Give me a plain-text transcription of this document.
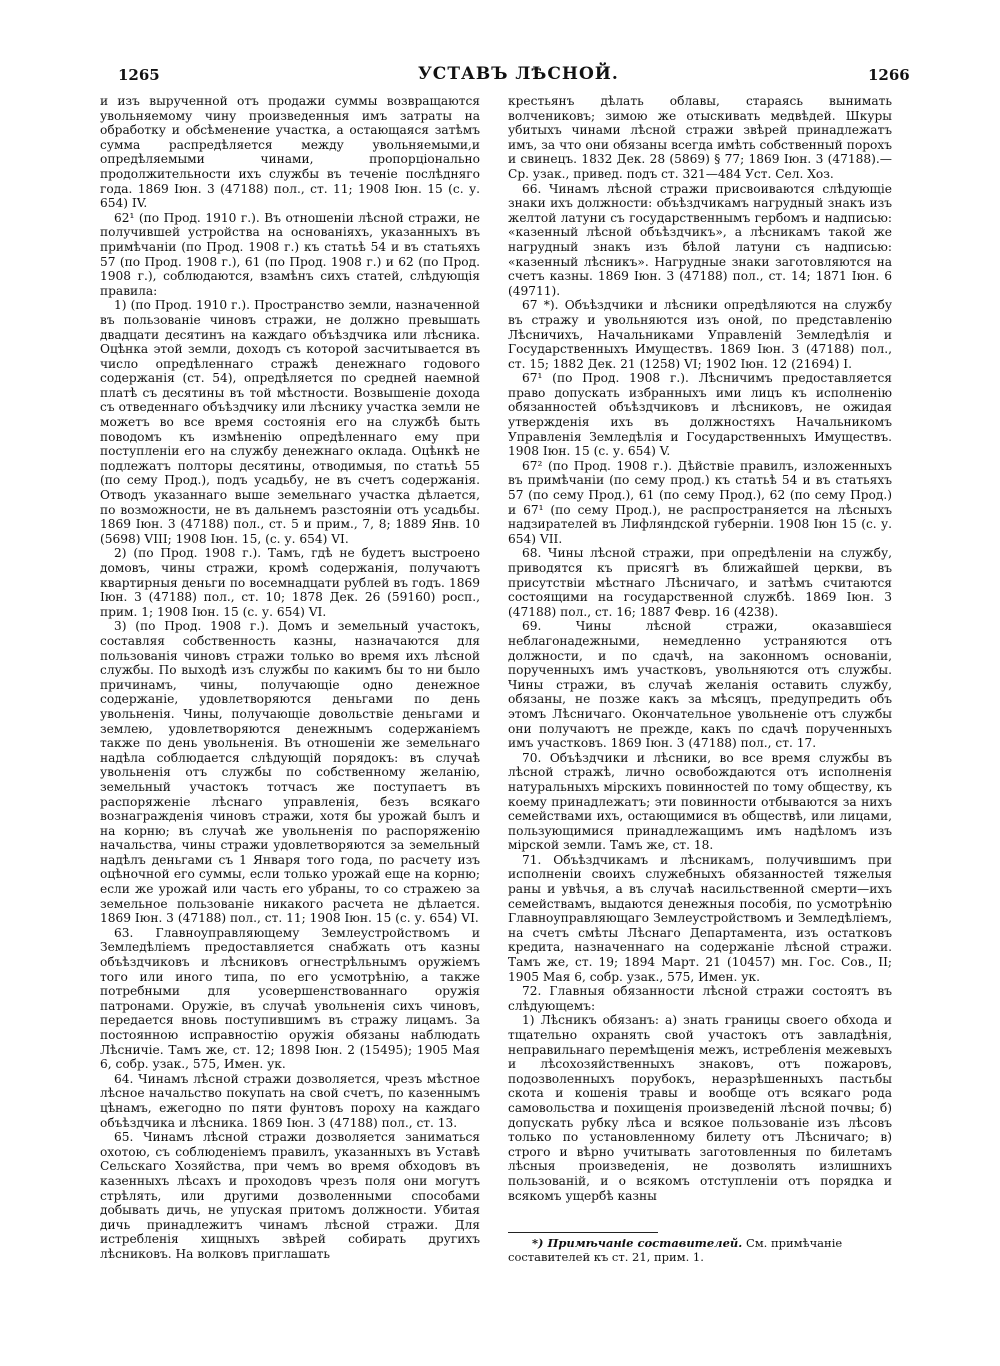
1265	УСТАВЪ ЛѢСНОЙ.	1266

и изъ вырученной отъ продажи суммы возвращаются увольняемому чину произведенныя имъ затраты на обработку и обсѣменение участка, а остающаяся затѣмъ сумма распредѣляется между увольняемыми,и опредѣляемыми чинами, пропорціонально продолжительности ихъ службы въ теченіе послѣдняго года. 1869 Іюн. 3 (47188) пол., ст. 11; 1908 Іюн. 15 (с. у. 654) IV.

62¹ (по Прод. 1910 г.). Въ отношеніи лѣсной стражи, не получившей устройства на основаніяхъ, указанныхъ въ примѣчаніи (по Прод. 1908 г.) къ статьѣ 54 и въ статьяхъ 57 (по Прод. 1908 г.), 61 (по Прод. 1908 г.) и 62 (по Прод. 1908 г.), соблюдаются, взамѣнъ сихъ статей, слѣдующія правила:

1) (по Прод. 1910 г.). Пространство земли, назначенной въ пользованіе чиновъ стражи, не должно превышать двадцати десятинъ на каждаго объѣздчика или лѣсника. Оцѣнка этой земли, доходъ съ которой засчитывается въ число опредѣленнаго стражѣ денежнаго годового содержанія (ст. 54), опредѣляется по средней наемной платѣ съ десятины въ той мѣстности. Возвышеніе дохода съ отведеннаго объѣздчику или лѣснику участка земли не можетъ во все время состоянія его на службѣ быть поводомъ къ измѣненію опредѣленнаго ему при поступленіи его на службу денежнаго оклада. Оцѣнкѣ не подлежатъ полторы десятины, отводимыя, по статьѣ 55 (по сему Прод.), подъ усадьбу, не въ счетъ содержанія. Отводъ указаннаго выше земельнаго участка дѣлается, по возможности, не въ дальнемъ разстояніи отъ усадьбы. 1869 Іюн. 3 (47188) пол., ст. 5 и прим., 7, 8; 1889 Янв. 10 (5698) VIII; 1908 Іюн. 15, (с. у. 654) VI.

2) (по Прод. 1908 г.). Тамъ, гдѣ не будетъ выстроено домовъ, чины стражи, кромѣ содержанія, получаютъ квартирныя деньги по восемнадцати рублей въ годъ. 1869 Іюн. 3 (47188) пол., ст. 10; 1878 Дек. 26 (59160) росп., прим. 1; 1908 Іюн. 15 (с. у. 654) VI.

3) (по Прод. 1908 г.). Домъ и земельный участокъ, составляя собственность казны, назначаются для пользованія чиновъ стражи только во время ихъ лѣсной службы. По выходѣ изъ службы по какимъ бы то ни было причинамъ, чины, получающіе одно денежное содержаніе, удовлетворяются деньгами по день увольненія. Чины, получающіе довольствіе деньгами и землею, удовлетворяются денежнымъ содержаніемъ также по день увольненія. Въ отношеніи же земельнаго надѣла соблюдается слѣдующій порядокъ: въ случаѣ увольненія отъ службы по собственному желанію, земельный участокъ тотчасъ же поступаетъ въ распоряженіе лѣснаго управленія, безъ всякаго вознагражденія чиновъ стражи, хотя бы урожай былъ и на корню; въ случаѣ же увольненія по распоряженію начальства, чины стражи удовлетворяются за земельный надѣлъ деньгами съ 1 Января того года, по расчету изъ оцѣночной его суммы, если только урожай еще на корню; если же урожай или часть его убраны, то со стражею за земельное пользованіе никакого расчета не дѣлается. 1869 Іюн. 3 (47188) пол., ст. 11; 1908 Іюн. 15 (с. у. 654) VI.

63. Главноуправляющему Землеустройствомъ и Земледѣліемъ предоставляется снабжать отъ казны объѣздчиковъ и лѣсниковъ огнестрѣльнымъ оружіемъ того или иного типа, по его усмотрѣнію, а также потребными для усовершенствованнаго оружія патронами. Оружіе, въ случаѣ увольненія сихъ чиновъ, передается вновь поступившимъ въ стражу лицамъ. За постоянною исправностію оружія обязаны наблюдать Лѣсничіе. Тамъ же, ст. 12; 1898 Іюн. 2 (15495); 1905 Мая 6, собр. узак., 575, Имен. ук.

64. Чинамъ лѣсной стражи дозволяется, чрезъ мѣстное лѣсное начальство покупать на свой счетъ, по казеннымъ цѣнамъ, ежегодно по пяти фунтовъ пороху на каждаго объѣздчика и лѣсника. 1869 Іюн. 3 (47188) пол., ст. 13.

65. Чинамъ лѣсной стражи дозволяется заниматься охотою, съ соблюденіемъ правилъ, указанныхъ въ Уставѣ Сельскаго Хозяйства, при чемъ во время обходовъ въ казенныхъ лѣсахъ и проходовъ чрезъ поля они могутъ стрѣлять, или другими дозволенными способами добывать дичь, не упуская притомъ должности. Убитая дичь принадлежитъ чинамъ лѣсной стражи. Для истребленія хищныхъ звѣрей собирать другихъ лѣсниковъ. На волковъ приглашать

крестьянъ дѣлать облавы, стараясь вынимать волчениковъ; зимою же отыскивать медвѣдей. Шкуры убитыхъ чинами лѣсной стражи звѣрей принадлежатъ имъ, за что они обязаны всегда имѣть собственный порохъ и свинецъ. 1832 Дек. 28 (5869) § 77; 1869 Іюн. 3 (47188).—Ср. узак., привед. подъ ст. 321—484 Уст. Сел. Хоз.

66. Чинамъ лѣсной стражи присвоиваются слѣдующіе знаки ихъ должности: объѣздчикамъ нагрудный знакъ изъ желтой латуни съ государственнымъ гербомъ и надписью: «казенный лѣсной объѣздчикъ», а лѣсникамъ такой же нагрудный знакъ изъ бѣлой латуни съ надписью: «казенный лѣсникъ». Нагрудные знаки заготовляются на счетъ казны. 1869 Іюн. 3 (47188) пол., ст. 14; 1871 Іюн. 6 (49711).

67 *). Объѣздчики и лѣсники опредѣляются на службу въ стражу и увольняются изъ оной, по представленію Лѣсничихъ, Начальниками Управленій Земледѣлія и Государственныхъ Имуществъ. 1869 Іюн. 3 (47188) пол., ст. 15; 1882 Дек. 21 (1258) VI; 1902 Іюн. 12 (21694) I.

67¹ (по Прод. 1908 г.). Лѣсничимъ предоставляется право допускать избранныхъ ими лицъ къ исполненію обязанностей объѣздчиковъ и лѣсниковъ, не ожидая утвержденія ихъ въ должностяхъ Начальникомъ Управленія Земледѣлія и Государственныхъ Имуществъ. 1908 Іюн. 15 (с. у. 654) V.

67² (по Прод. 1908 г.). Дѣйствіе правилъ, изложенныхъ въ примѣчаніи (по сему прод.) къ статьѣ 54 и въ статьяхъ 57 (по сему Прод.), 61 (по сему Прод.), 62 (по сему Прод.) и 67¹ (по сему Прод.), не распространяется на лѣсныхъ надзирателей въ Лифляндской губерніи. 1908 Іюн 15 (с. у. 654) VII.

68. Чины лѣсной стражи, при опредѣленіи на службу, приводятся къ присягѣ въ ближайшей церкви, въ присутствіи мѣстнаго Лѣсничаго, и затѣмъ считаются состоящими на государственной службѣ. 1869 Іюн. 3 (47188) пол., ст. 16; 1887 Февр. 16 (4238).

69. Чины лѣсной стражи, оказавшіеся неблагонадежными, немедленно устраняются отъ должности, и по сдачѣ, на законномъ основаніи, порученныхъ имъ участковъ, увольняются отъ службы. Чины стражи, въ случаѣ желанія оставить службу, обязаны, не позже какъ за мѣсяцъ, предупредить объ этомъ Лѣсничаго. Окончательное увольненіе отъ службы они получаютъ не прежде, какъ по сдачѣ порученныхъ имъ участковъ. 1869 Іюн. 3 (47188) пол., ст. 17.

70. Объѣздчики и лѣсники, во все время службы въ лѣсной стражѣ, лично освобождаются отъ исполненія натуральныхъ мірскихъ повинностей по тому обществу, къ коему принадлежатъ; эти повинности отбываются за нихъ семействами ихъ, остающимися въ обществѣ, или лицами, пользующимися принадлежащимъ имъ надѣломъ изъ мірской земли. Тамъ же, ст. 18.

71. Объѣздчикамъ и лѣсникамъ, получившимъ при исполненіи своихъ служебныхъ обязанностей тяжелыя раны и увѣчья, а въ случаѣ насильственной смерти—ихъ семействамъ, выдаются денежныя пособія, по усмотрѣнію Главноуправляющаго Землеустройствомъ и Земледѣліемъ, на счетъ смѣты Лѣснаго Департамента, изъ остатковъ кредита, назначеннаго на содержаніе лѣсной стражи. Тамъ же, ст. 19; 1894 Март. 21 (10457) мн. Гос. Сов., II; 1905 Мая 6, собр. узак., 575, Имен. ук.

72. Главныя обязанности лѣсной стражи состоятъ въ слѣдующемъ:

1) Лѣсникъ обязанъ: а) знать границы своего обхода и тщательно охранять свой участокъ отъ завладѣнія, неправильнаго перемѣщенія межъ, истребленія межевыхъ и лѣсохозяйственныхъ знаковъ, отъ пожаровъ, подозволенныхъ порубокъ, неразрѣшенныхъ пастьбы скота и кошенія травы и вообще отъ всякаго рода самовольства и похищенія произведеній лѣсной почвы; б) допускать рубку лѣса и всякое пользованіе изъ лѣсовъ только по установленному билету отъ Лѣсничаго; в) строго и вѣрно учитывать заготовленныя по билетамъ лѣсныя произведенія, не дозволять излишнихъ пользованій, и о всякомъ отступленіи отъ порядка и всякомъ ущербѣ казны

*) Примѣчаніе составителей. См. примѣчаніе составителей къ ст. 21, прим. 1.
